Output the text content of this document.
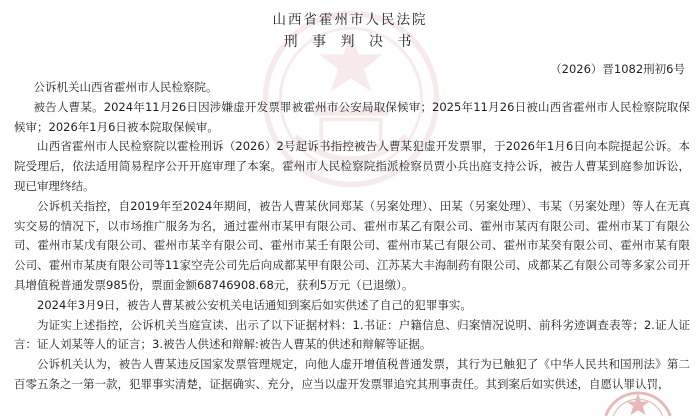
山西省霍州市人民法院
刑 事 判 决 书
（2026）晋1082刑初6号

公诉机关山西省霍州市人民检察院。

被告人曹某。2024年11月26日因涉嫌虚开发票罪被霍州市公安局取保候审；2025年11月26日被山西省霍州市人民检察院取保候审；2026年1月6日被本院取保候审。

山西省霍州市人民检察院以霍检刑诉（2026）2号起诉书指控被告人曹某犯虚开发票罪，于2026年1月6日向本院提起公诉。本院受理后，依法适用简易程序公开开庭审理了本案。霍州市人民检察院指派检察员贾小兵出庭支持公诉，被告人曹某到庭参加诉讼，现已审理终结。

公诉机关指控，自2019年至2024年期间，被告人曹某伙同郑某（另案处理）、田某（另案处理）、韦某（另案处理）等人在无真实交易的情况下，以市场推广服务为名，通过霍州市某甲有限公司、霍州市某乙有限公司、霍州市某丙有限公司、霍州市某丁有限公司、霍州市某戊有限公司、霍州市某辛有限公司、霍州市某壬有限公司、霍州市某己有限公司、霍州市某癸有限公司、霍州市某有限公司、霍州市某庚有限公司等11家空壳公司先后向成都某甲有限公司、江苏某大丰海制药有限公司、成都某乙有限公司等多家公司开具增值税普通发票985份，票面金额68746908.68元，获利5万元（已退缴）。

2024年3月9日，被告人曹某被公安机关电话通知到案后如实供述了自己的犯罪事实。

为证实上述指控，公诉机关当庭宣读、出示了以下证据材料：1.书证：户籍信息、归案情况说明、前科劣迹调查表等；2.证人证言：证人刘某等人的证言；3.被告人供述和辩解:被告人曹某的供述和辩解等证据。

公诉机关认为，被告人曹某违反国家发票管理规定，向他人虚开增值税普通发票，其行为已触犯了《中华人民共和国刑法》第二百零五条之一第一款，犯罪事实清楚，证据确实、充分，应当以虚开发票罪追究其刑事责任。其到案后如实供述，自愿认罪认罚，
